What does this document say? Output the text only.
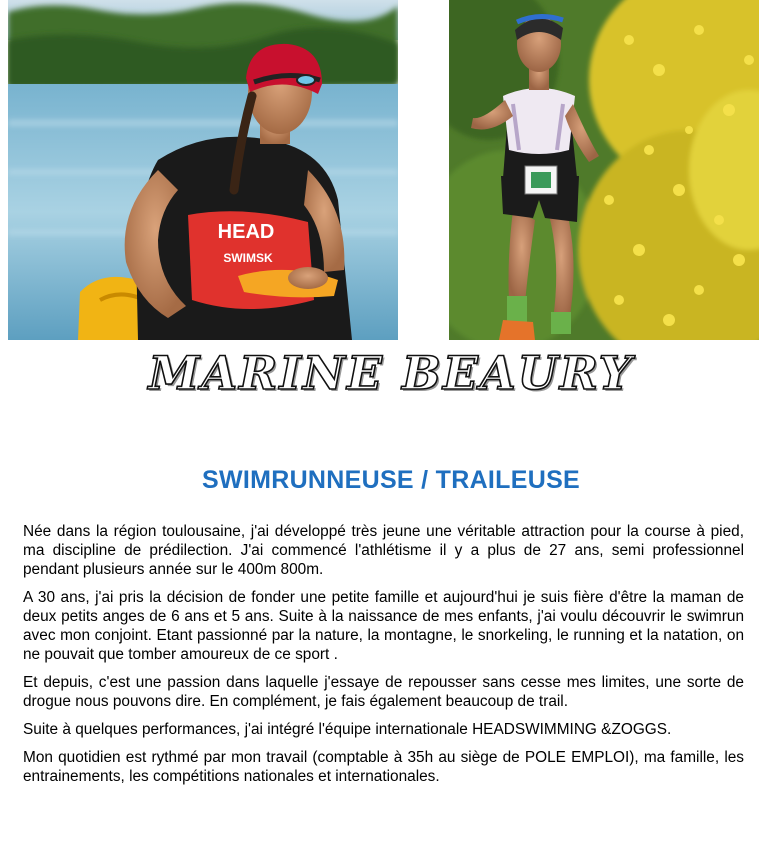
HEAD
SWIMSK
MARINE BEAURY
SWIMRUNNEUSE / TRAILEUSE

Née dans la région toulousaine, j'ai développé très jeune une véritable attraction pour la course à pied, ma discipline de prédilection. J'ai commencé l'athlétisme il y a plus de 27 ans, semi professionnel pendant plusieurs année sur le 400m 800m.

A 30 ans, j'ai pris la décision de fonder une petite famille et aujourd'hui je suis fière d'être la maman de deux petits anges de 6 ans et 5 ans. Suite à la naissance de mes enfants, j'ai voulu découvrir le swimrun avec mon conjoint. Etant passionné par la nature, la montagne, le snorkeling, le running et la natation, on ne pouvait que tomber amoureux de ce sport .

Et depuis, c'est une passion dans laquelle j'essaye de repousser sans cesse mes limites, une sorte de drogue nous pouvons dire. En complément, je fais également beaucoup de trail.

Suite à quelques performances, j'ai intégré l'équipe internationale HEADSWIMMING &ZOGGS.

Mon quotidien est rythmé par mon travail (comptable à 35h au siège de POLE EMPLOI), ma famille, les entrainements, les compétitions nationales et internationales.
